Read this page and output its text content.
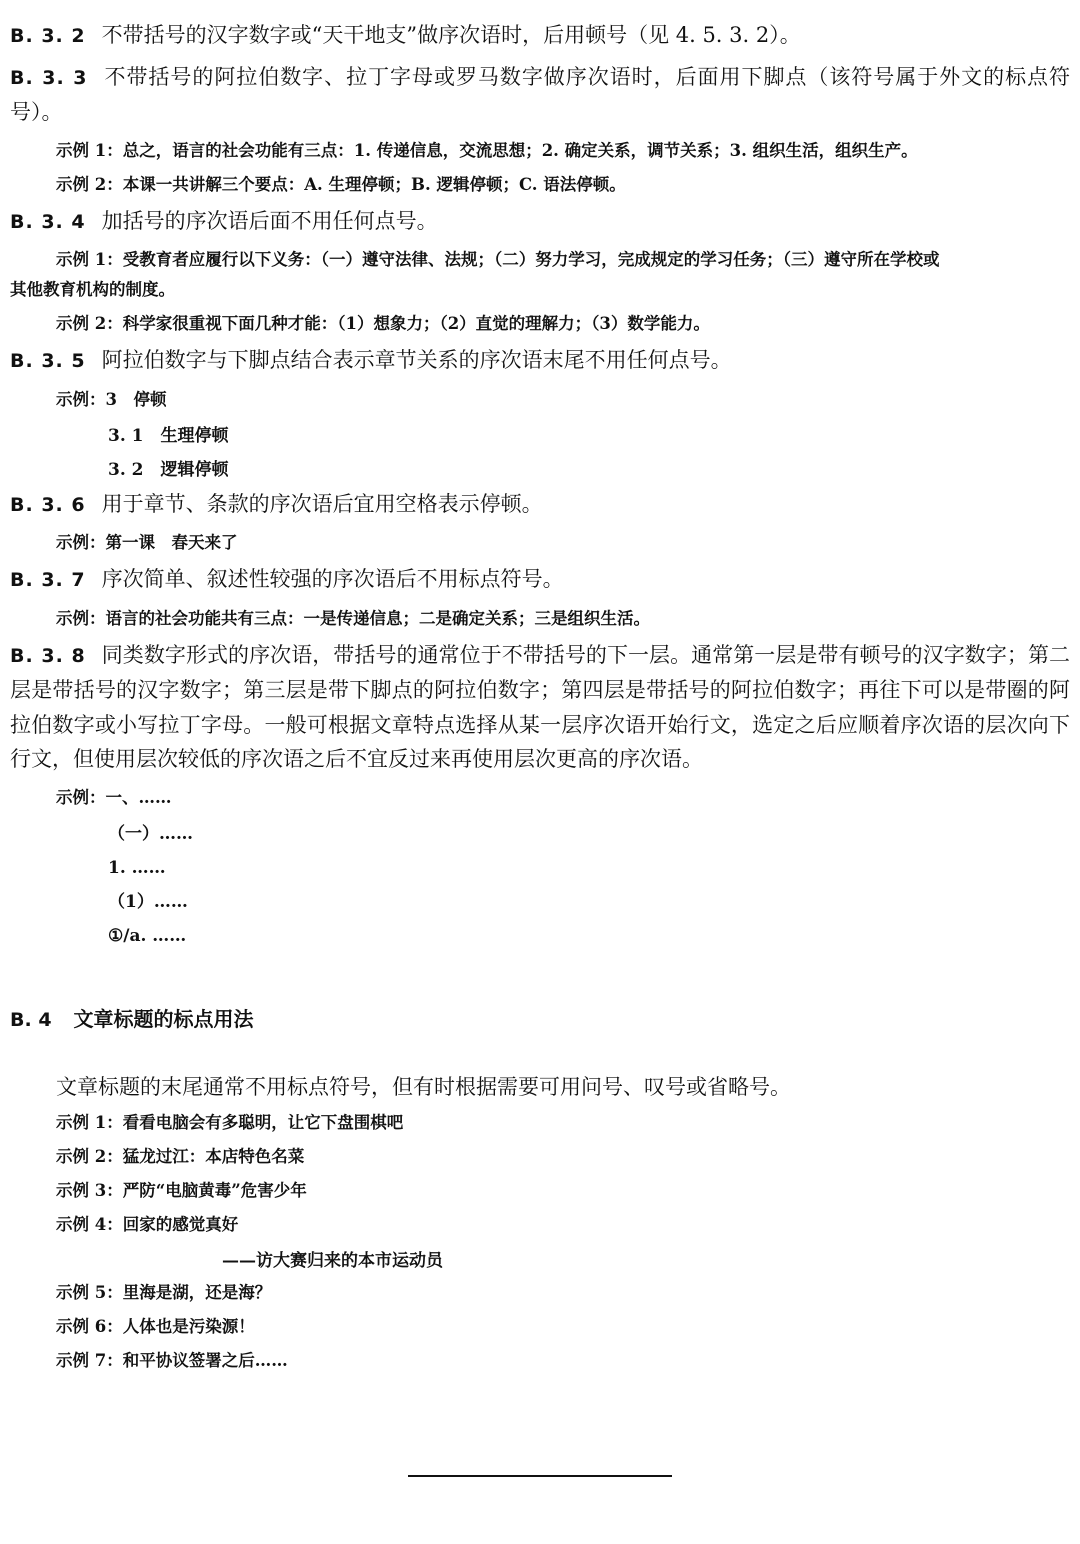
B. 3. 2 不带括号的汉字数字或“天干地支”做序次语时，后用顿号（见 4. 5. 3. 2）。

B. 3. 3 不带括号的阿拉伯数字、拉丁字母或罗马数字做序次语时，后面用下脚点（该符号属于外文的标点符号）。

示例 1：总之，语言的社会功能有三点：1. 传递信息，交流思想；2. 确定关系，调节关系；3. 组织生活，组织生产。

示例 2：本课一共讲解三个要点：A. 生理停顿；B. 逻辑停顿；C. 语法停顿。

B. 3. 4 加括号的序次语后面不用任何点号。

示例 1：受教育者应履行以下义务：（一）遵守法律、法规；（二）努力学习，完成规定的学习任务；（三）遵守所在学校或
其他教育机构的制度。

示例 2：科学家很重视下面几种才能：（1）想象力；（2）直觉的理解力；（3）数学能力。

B. 3. 5 阿拉伯数字与下脚点结合表示章节关系的序次语末尾不用任何点号。

示例：3　停顿

3. 1　生理停顿

3. 2　逻辑停顿

B. 3. 6 用于章节、条款的序次语后宜用空格表示停顿。

示例：第一课　春天来了

B. 3. 7 序次简单、叙述性较强的序次语后不用标点符号。

示例：语言的社会功能共有三点：一是传递信息；二是确定关系；三是组织生活。

B. 3. 8 同类数字形式的序次语，带括号的通常位于不带括号的下一层。通常第一层是带有顿号的汉字数字；第二层是带括号的汉字数字；第三层是带下脚点的阿拉伯数字；第四层是带括号的阿拉伯数字；再往下可以是带圈的阿拉伯数字或小写拉丁字母。一般可根据文章特点选择从某一层序次语开始行文，选定之后应顺着序次语的层次向下行文，但使用层次较低的序次语之后不宜反过来再使用层次更高的序次语。

示例：一、……

（一）……

1. ……

（1）……

①/a. ……

B. 4 文章标题的标点用法

文章标题的末尾通常不用标点符号，但有时根据需要可用问号、叹号或省略号。

示例 1：看看电脑会有多聪明，让它下盘围棋吧

示例 2：猛龙过江：本店特色名菜

示例 3：严防“电脑黄毒”危害少年

示例 4：回家的感觉真好

——访大赛归来的本市运动员

示例 5：里海是湖，还是海？

示例 6：人体也是污染源！

示例 7：和平协议签署之后……
